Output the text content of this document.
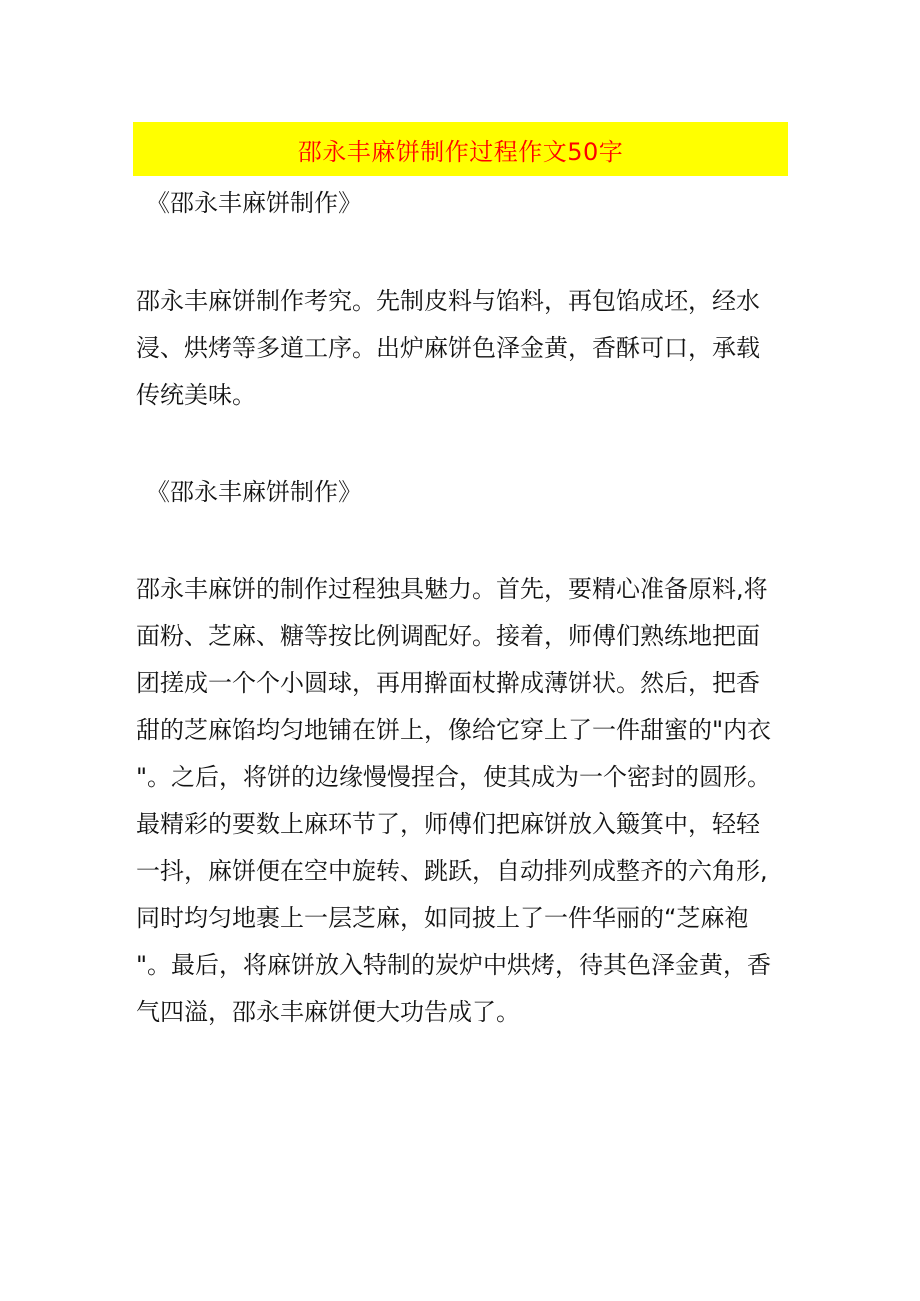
邵永丰麻饼制作过程作文50字
《邵永丰麻饼制作》

邵永丰麻饼制作考究。先制皮料与馅料，再包馅成坯，经水
浸、烘烤等多道工序。出炉麻饼色泽金黄，香酥可口，承载
传统美味。

《邵永丰麻饼制作》

邵永丰麻饼的制作过程独具魅力。首先，要精心准备原料,将
面粉、芝麻、糖等按比例调配好。接着，师傅们熟练地把面
团搓成一个个小圆球，再用擀面杖擀成薄饼状。然后，把香
甜的芝麻馅均匀地铺在饼上，像给它穿上了一件甜蜜的"内衣
"。之后，将饼的边缘慢慢捏合，使其成为一个密封的圆形。
最精彩的要数上麻环节了，师傅们把麻饼放入簸箕中，轻轻
一抖，麻饼便在空中旋转、跳跃，自动排列成整齐的六角形,
同时均匀地裹上一层芝麻，如同披上了一件华丽的“芝麻袍
"。最后，将麻饼放入特制的炭炉中烘烤，待其色泽金黄，香
气四溢，邵永丰麻饼便大功告成了。
